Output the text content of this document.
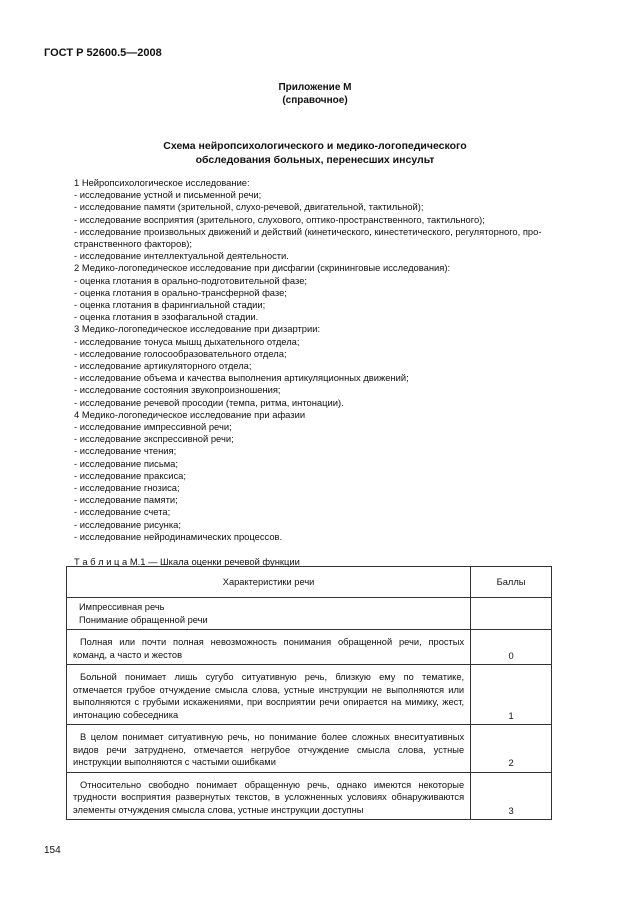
ГОСТ Р 52600.5—2008
Приложение М
(справочное)
Схема нейропсихологического и медико-логопедического
обследования больных, перенесших инсульт
1 Нейропсихологическое исследование:
- исследование устной и письменной речи;
- исследование памяти (зрительной, слухо-речевой, двигательной, тактильной);
- исследование восприятия (зрительного, слухового, оптико-пространственного, тактильного);
- исследование произвольных движений и действий (кинетического, кинестетического, регуляторного, про-
странственного факторов);
- исследование интеллектуальной деятельности.
2 Медико-логопедическое исследование при дисфагии (скрининговые исследования):
- оценка глотания в орально-подготовительной фазе;
- оценка глотания в орально-трансферной фазе;
- оценка глотания в фарингиальной стадии;
- оценка глотания в эзофагальной стадии.
3 Медико-логопедическое исследование при дизартрии:
- исследование тонуса мышц дыхательного отдела;
- исследование голосообразовательного отдела;
- исследование артикуляторного отдела;
- исследование объема и качества выполнения артикуляционных движений;
- исследование состояния звукопроизношения;
- исследование речевой просодии (темпа, ритма, интонации).
4 Медико-логопедическое исследование при афазии
- исследование импрессивной речи;
- исследование экспрессивной речи;
- исследование чтения;
- исследование письма;
- исследование праксиса;
- исследование гнозиса;
- исследование памяти;
- исследование счета;
- исследование рисунка;
- исследование нейродинамических процессов.
Т а б л и ц а М.1 — Шкала оценки речевой функции
Характеристики речи	Баллы

Импрессивная речь
Понимание обращенной речи	

Полная или почти полная невозможность понимания обращенной речи, простых команд, а часто и жестов	0
Больной понимает лишь сугубо ситуативную речь, близкую ему по тематике, отмечается грубое отчуждение смысла слова, устные инструкции не выполняются или выполняются с грубыми искажениями, при восприятии речи опирается на мимику, жест, интонацию собеседника	1
В целом понимает ситуативную речь, но понимание более сложных внеситуативных видов речи затруднено, отмечается негрубое отчуждение смысла слова, устные инструкции выполняются с частыми ошибками	2
Относительно свободно понимает обращенную речь, однако имеются некоторые трудности восприятия развернутых текстов, в усложненных условиях обнаруживаются элементы отчуждения смысла слова, устные инструкции доступны	3
154
